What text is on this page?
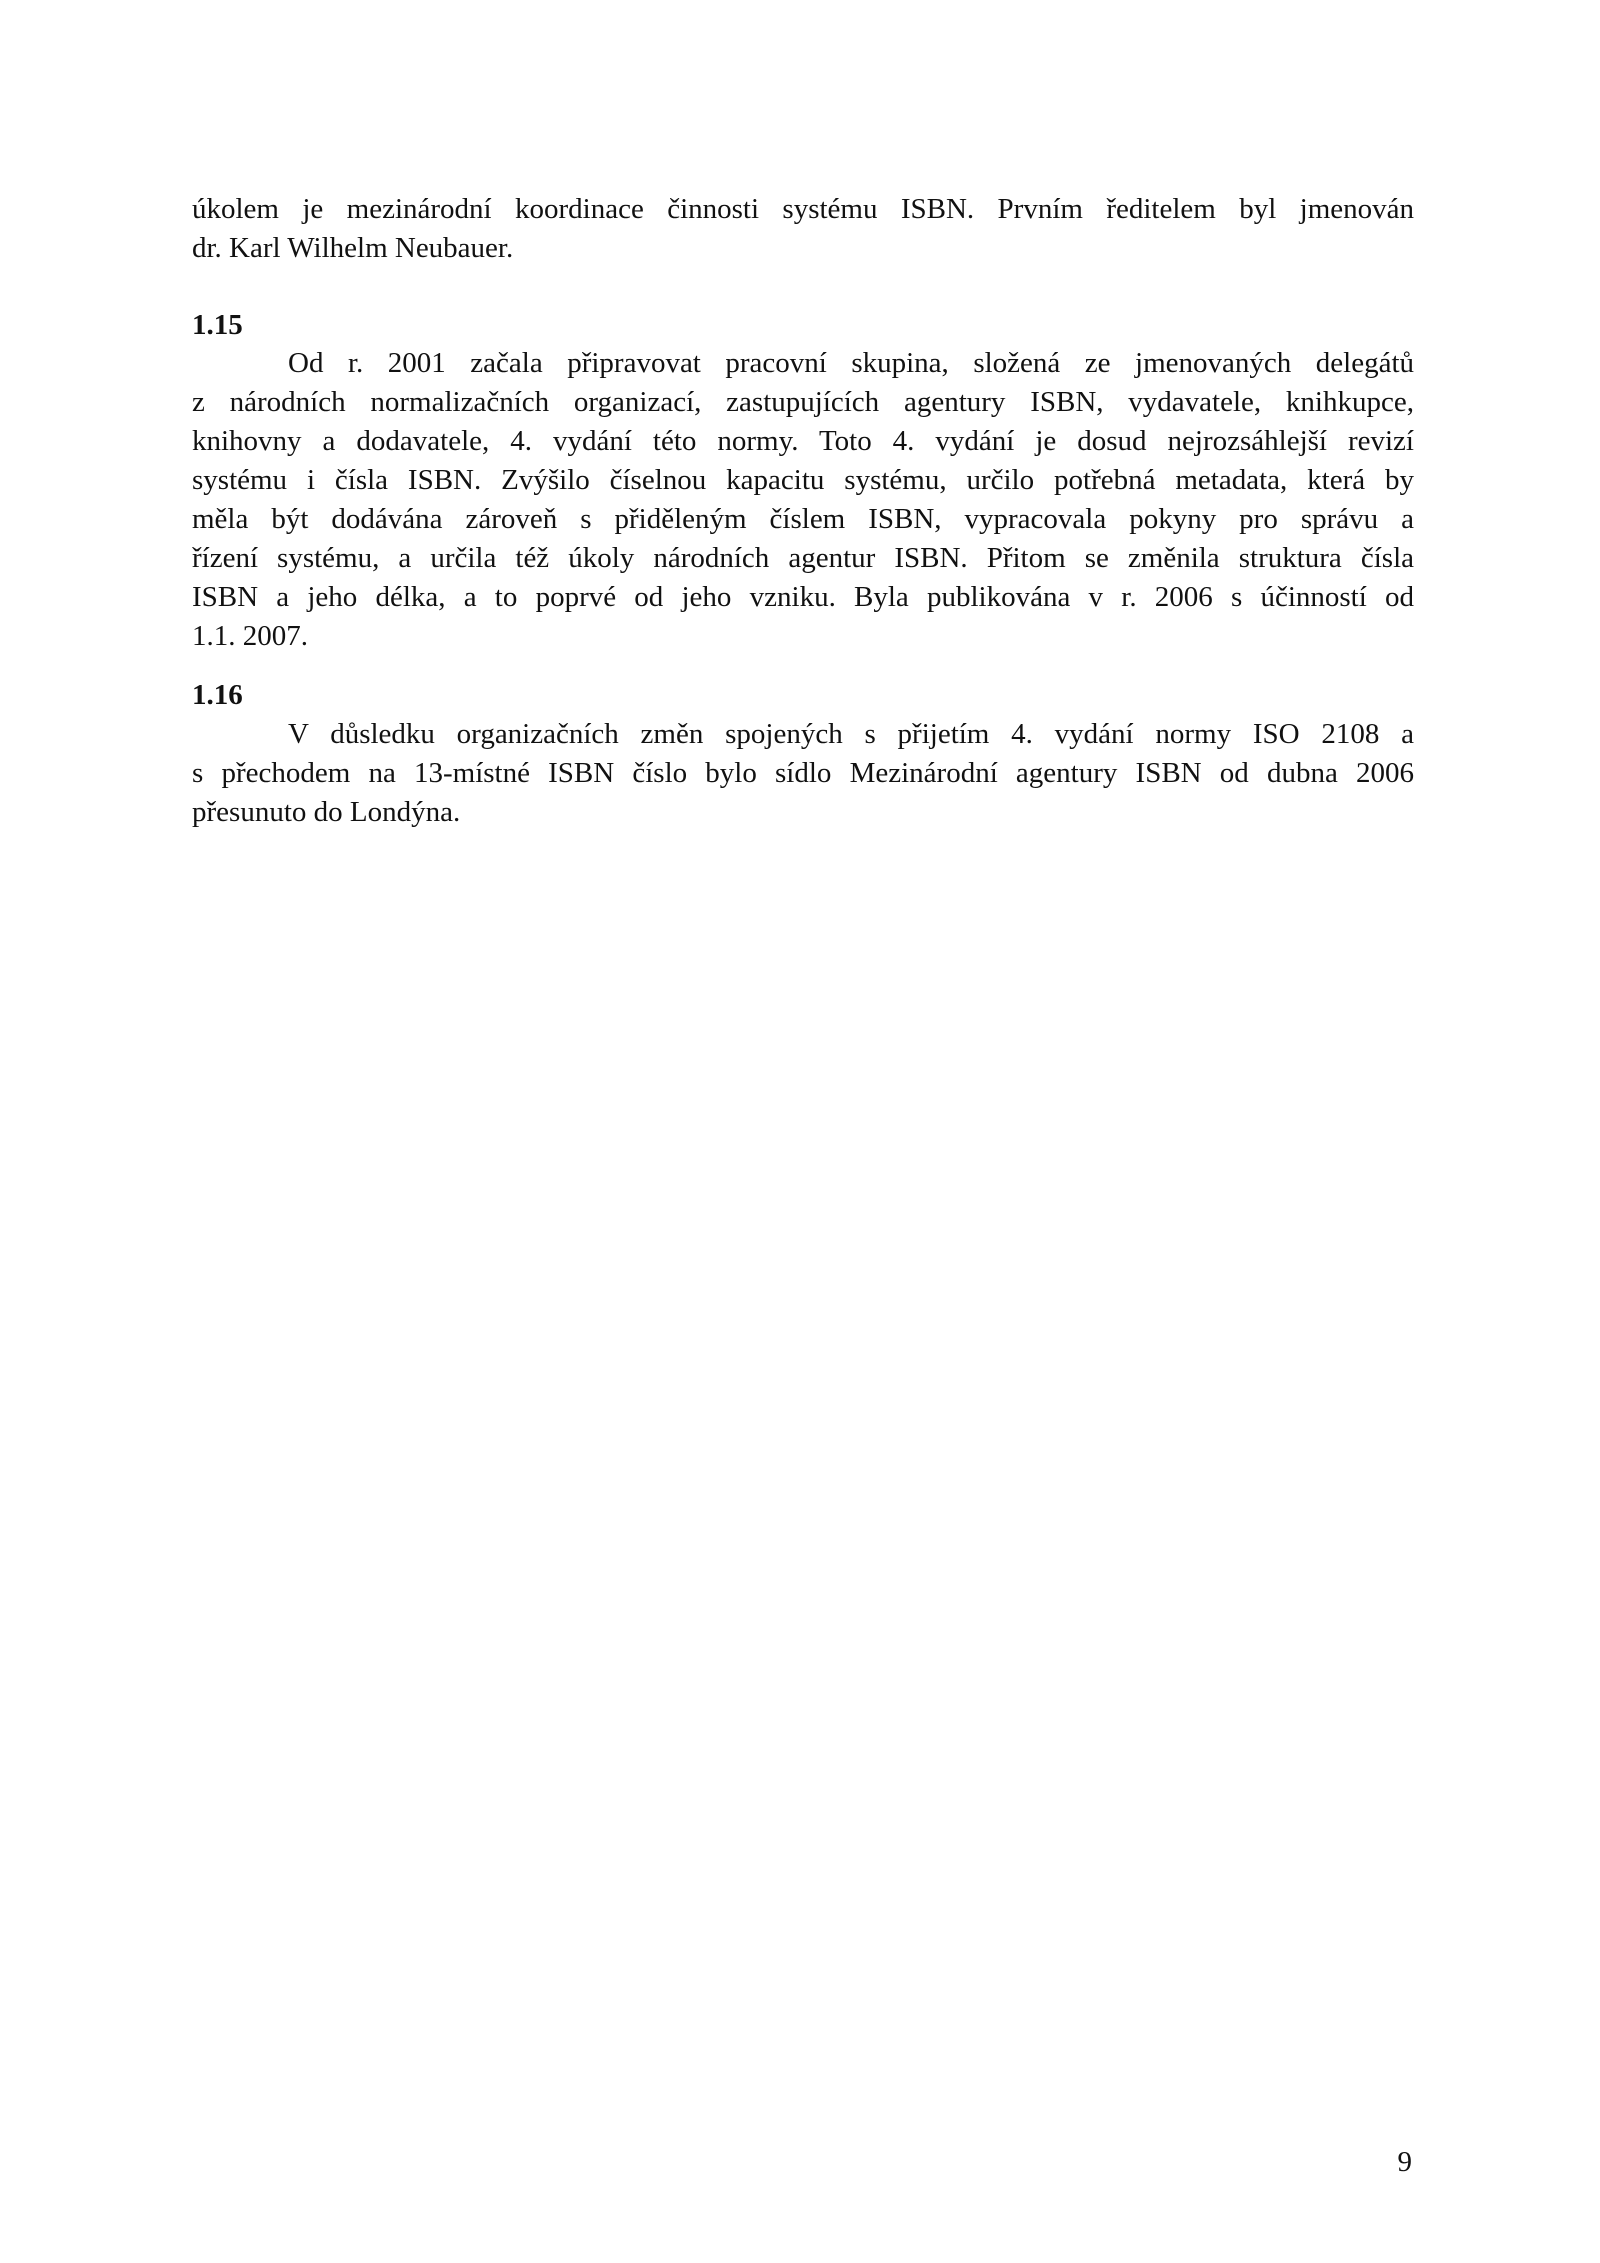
úkolem je mezinárodní koordinace činnosti systému ISBN. Prvním ředitelem byl jmenován
dr. Karl Wilhelm Neubauer.
1.15
Od r. 2001 začala připravovat pracovní skupina, složená ze jmenovaných delegátů
z národních normalizačních organizací, zastupujících agentury ISBN, vydavatele, knihkupce,
knihovny a dodavatele, 4. vydání této normy. Toto 4. vydání je dosud nejrozsáhlejší revizí
systému i čísla ISBN. Zvýšilo číselnou kapacitu systému, určilo potřebná metadata, která by
měla být dodávána zároveň s přiděleným číslem ISBN, vypracovala pokyny pro správu a
řízení systému, a určila též úkoly národních agentur ISBN. Přitom se změnila struktura čísla
ISBN a jeho délka, a to poprvé od jeho vzniku. Byla publikována v r. 2006 s účinností od
1.1. 2007.
1.16
V důsledku organizačních změn spojených s přijetím 4. vydání normy ISO 2108 a
s přechodem na 13-místné ISBN číslo bylo sídlo Mezinárodní agentury ISBN od dubna 2006
přesunuto do Londýna.
9
